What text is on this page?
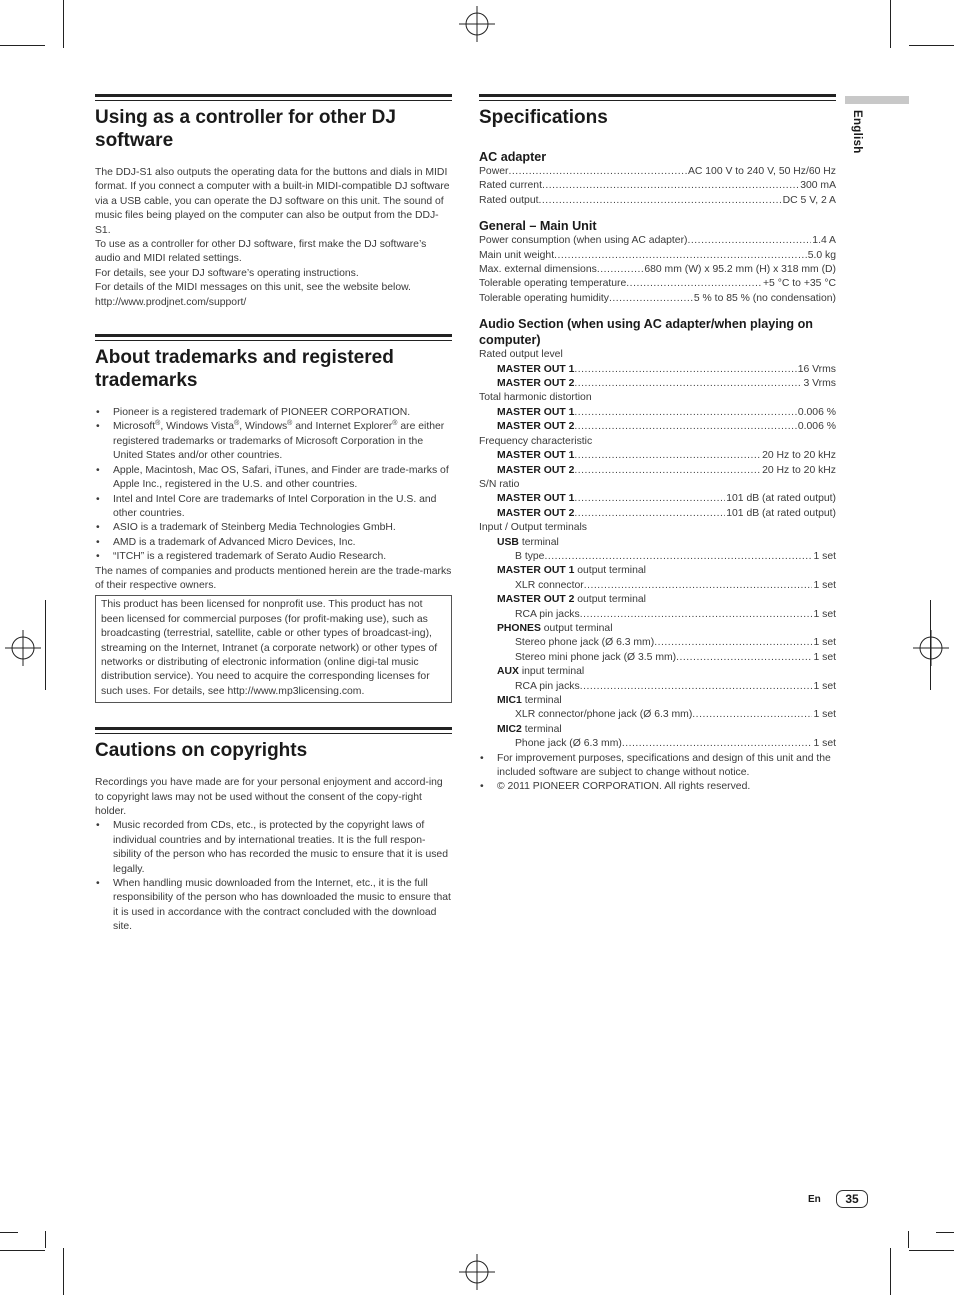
Using as a controller for other DJ software

The DDJ-S1 also outputs the operating data for the buttons and dials in MIDI format. If you connect a computer with a built-in MIDI-compatible DJ software via a USB cable, you can operate the DJ software on this unit. The sound of music files being played on the computer can also be output from the DDJ-S1.

To use as a controller for other DJ software, first make the DJ software’s audio and MIDI related settings.

For details, see your DJ software’s operating instructions.

For details of the MIDI messages on this unit, see the website below.

http://www.prodjnet.com/support/

About trademarks and registered trademarks
• Pioneer is a registered trademark of PIONEER CORPORATION.
• Microsoft®, Windows Vista®, Windows® and Internet Explorer® are either registered trademarks or trademarks of Microsoft Corporation in the United States and/or other countries.
• Apple, Macintosh, Mac OS, Safari, iTunes, and Finder are trade-marks of Apple Inc., registered in the U.S. and other countries.
• Intel and Intel Core are trademarks of Intel Corporation in the U.S. and other countries.
• ASIO is a trademark of Steinberg Media Technologies GmbH.
• AMD is a trademark of Advanced Micro Devices, Inc.
• “ITCH” is a registered trademark of Serato Audio Research.

The names of companies and products mentioned herein are the trade-marks of their respective owners.

This product has been licensed for nonprofit use. This product has not been licensed for commercial purposes (for profit-making use), such as broadcasting (terrestrial, satellite, cable or other types of broadcast-ing), streaming on the Internet, Intranet (a corporate network) or other types of networks or distributing of electronic information (online digi-tal music distribution service). You need to acquire the corresponding licenses for such uses. For details, see http://www.mp3licensing.com.
Cautions on copyrights

Recordings you have made are for your personal enjoyment and accord-ing to copyright laws may not be used without the consent of the copy-right holder.

• Music recorded from CDs, etc., is protected by the copyright laws of individual countries and by international treaties. It is the full respon-sibility of the person who has recorded the music to ensure that it is used legally.
• When handling music downloaded from the Internet, etc., it is the full responsibility of the person who has downloaded the music to ensure that it is used in accordance with the contract concluded with the download site.
Specifications
AC adapter
Power .....	AC 100 V to 240 V, 50 Hz/60 Hz
Rated current .....	300 mA
Rated output .....	DC 5 V, 2 A
General – Main Unit
Power consumption (when using AC adapter) .....	1.4 A
Main unit weight .....	5.0 kg
Max. external dimensions .....	680 mm (W) x 95.2 mm (H) x 318 mm (D)
Tolerable operating temperature .....	+5 °C to +35 °C
Tolerable operating humidity .....	5 % to 85 % (no condensation)
Audio Section (when using AC adapter/when playing on computer)
Rated output level
MASTER OUT 1 .....	16 Vrms
MASTER OUT 2 .....	3 Vrms
Total harmonic distortion
MASTER OUT 1 .....	0.006 %
MASTER OUT 2 .....	0.006 %
Frequency characteristic
MASTER OUT 1 .....	20 Hz to 20 kHz
MASTER OUT 2 .....	20 Hz to 20 kHz
S/N ratio
MASTER OUT 1 .....	101 dB (at rated output)
MASTER OUT 2 .....	101 dB (at rated output)
Input / Output terminals
USB terminal
B type .....	1 set
MASTER OUT 1 output terminal
XLR connector .....	1 set
MASTER OUT 2 output terminal
RCA pin jacks .....	1 set
PHONES output terminal
Stereo phone jack (Ø 6.3 mm) .....	1 set
Stereo mini phone jack (Ø 3.5 mm) .....	1 set
AUX input terminal
RCA pin jacks .....	1 set
MIC1 terminal
XLR connector/phone jack (Ø 6.3 mm) .....	1 set
MIC2 terminal
Phone jack (Ø 6.3 mm) .....	1 set
• For improvement purposes, specifications and design of this unit and the included software are subject to change without notice.
• © 2011 PIONEER CORPORATION. All rights reserved.
English
En	35
